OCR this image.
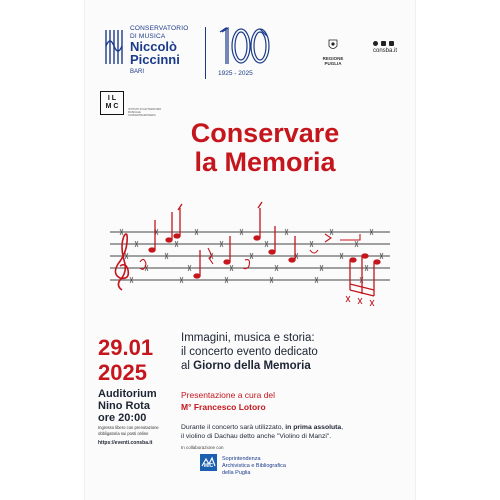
CONSERVATORIO
DI MUSICA
Niccolò
Piccinni
BARI	1925 - 2025
REGIONE
PUGLIA
consba.it
I L
M C	ISTITUTO DI LETTERATURA MUSICALE CONCENTRAZIONARIA
Conservare
la Memoria
29.01
2025
Auditorium
Nino Rota
ore 20:00
Ingresso libero con prenotazione obbligatoria sui posti online
https://eventi.consba.it
Immagini, musica e storia:
il concerto evento dedicato
al Giorno della Memoria
Presentazione a cura del
M° Francesco Lotoro
Durante il concerto sarà utilizzato, in prima assoluta,
il violino di Dachau detto anche "Violino di Manzi".
In collaborazione con
MiC
Soprintendenza
Archivistica e Bibliografica
della Puglia
